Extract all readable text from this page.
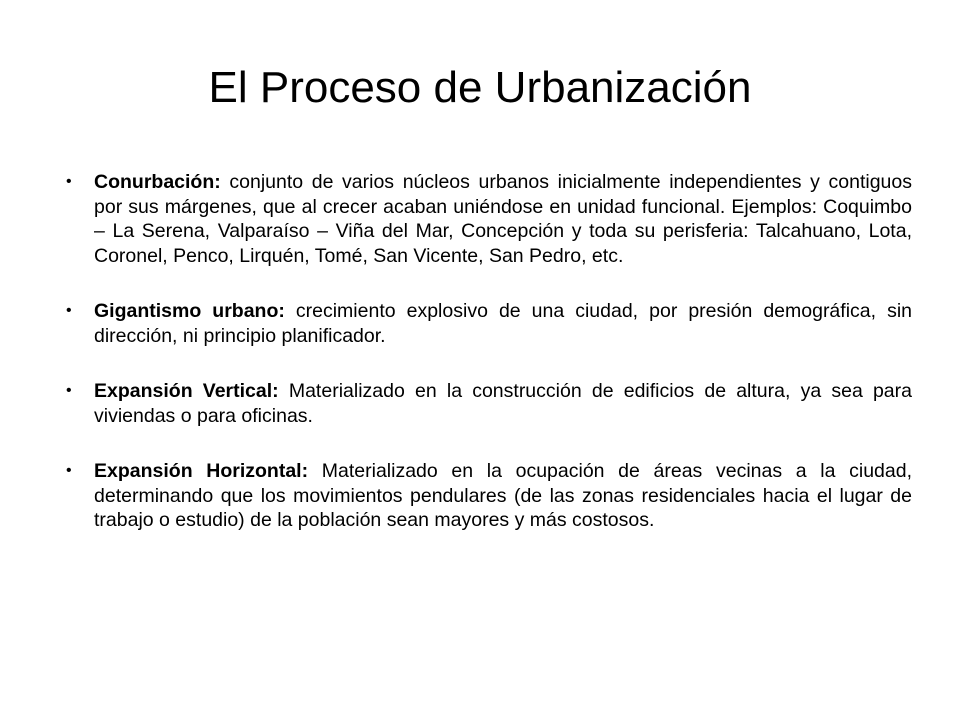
El Proceso de Urbanización
• Conurbación: conjunto de varios núcleos urbanos inicialmente independientes y contiguos por sus márgenes, que al crecer acaban uniéndose en unidad funcional. Ejemplos: Coquimbo – La Serena, Valparaíso – Viña del Mar, Concepción y toda su perisferia: Talcahuano, Lota, Coronel, Penco, Lirquén, Tomé, San Vicente, San Pedro, etc.
• Gigantismo urbano: crecimiento explosivo de una ciudad, por presión demográfica, sin dirección, ni principio planificador.
• Expansión Vertical: Materializado en la construcción de edificios de altura, ya sea para viviendas o para oficinas.
• Expansión Horizontal: Materializado en la ocupación de áreas vecinas a la ciudad, determinando que los movimientos pendulares (de las zonas residenciales hacia el lugar de trabajo o estudio) de la población sean mayores y más costosos.
